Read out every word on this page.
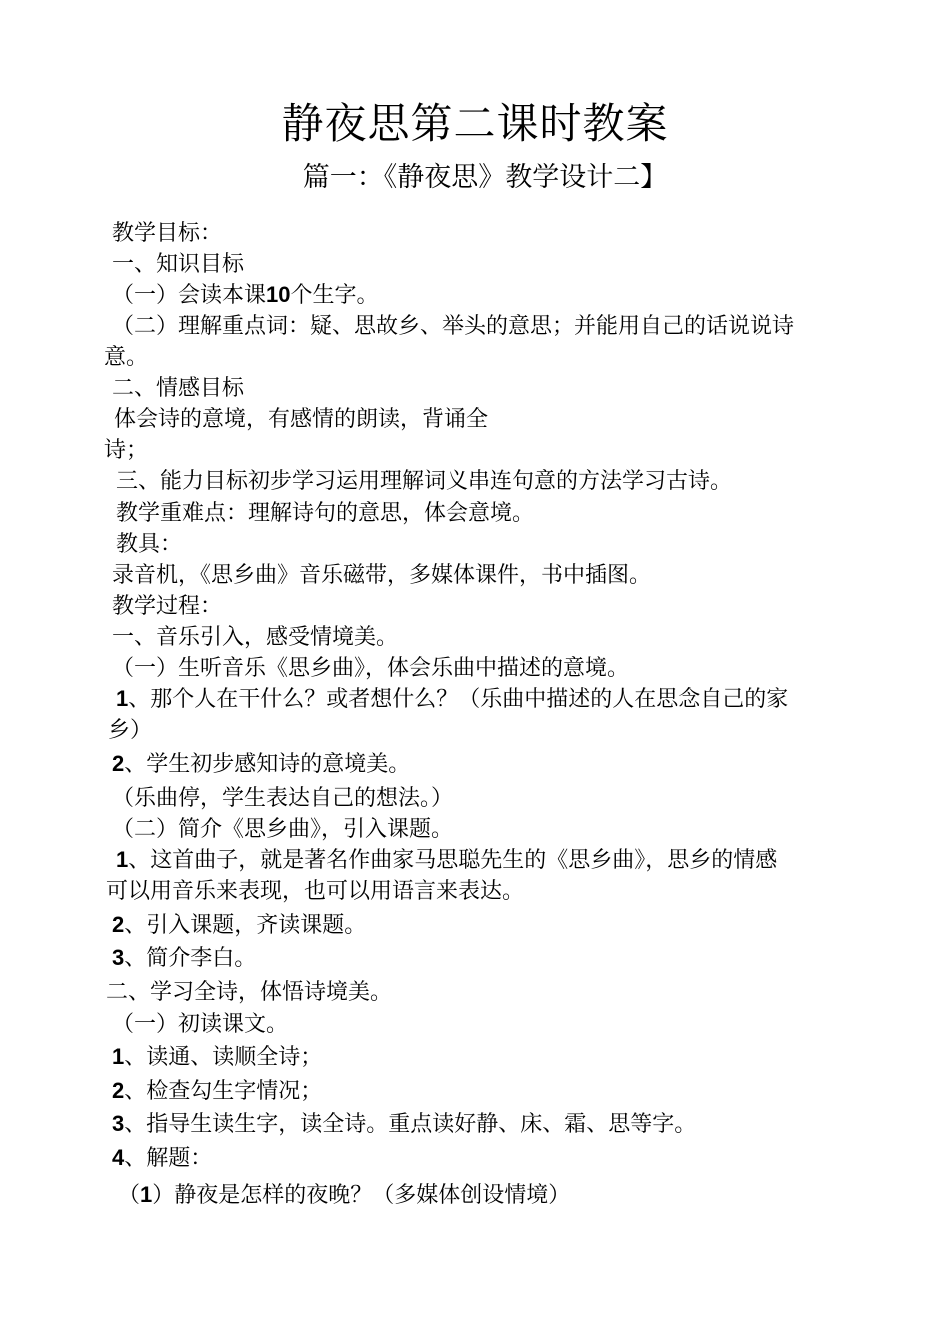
静夜思第二课时教案
篇一：《静夜思》教学设计二】
教学目标：
一、知识目标
（一）会读本课10个生字。
（二）理解重点词：疑、思故乡、举头的意思；并能用自己的话说说诗
意。
二、情感目标
体会诗的意境，有感情的朗读，背诵全
诗；
三、能力目标初步学习运用理解词义串连句意的方法学习古诗。
教学重难点：理解诗句的意思，体会意境。
教具：
录音机，《思乡曲》音乐磁带，多媒体课件，书中插图。
教学过程：
一、音乐引入，感受情境美。
（一）生听音乐《思乡曲》，体会乐曲中描述的意境。
1、那个人在干什么？或者想什么？（乐曲中描述的人在思念自己的家
乡）
2、学生初步感知诗的意境美。
（乐曲停，学生表达自己的想法。）
（二）简介《思乡曲》，引入课题。
1、这首曲子，就是著名作曲家马思聪先生的《思乡曲》，思乡的情感
可以用音乐来表现，也可以用语言来表达。
2、引入课题，齐读课题。
3、简介李白。
二、学习全诗，体悟诗境美。
（一）初读课文。
1、读通、读顺全诗；
2、检查勾生字情况；
3、指导生读生字，读全诗。重点读好静、床、霜、思等字。
4、解题：
（1）静夜是怎样的夜晚？（多媒体创设情境）
